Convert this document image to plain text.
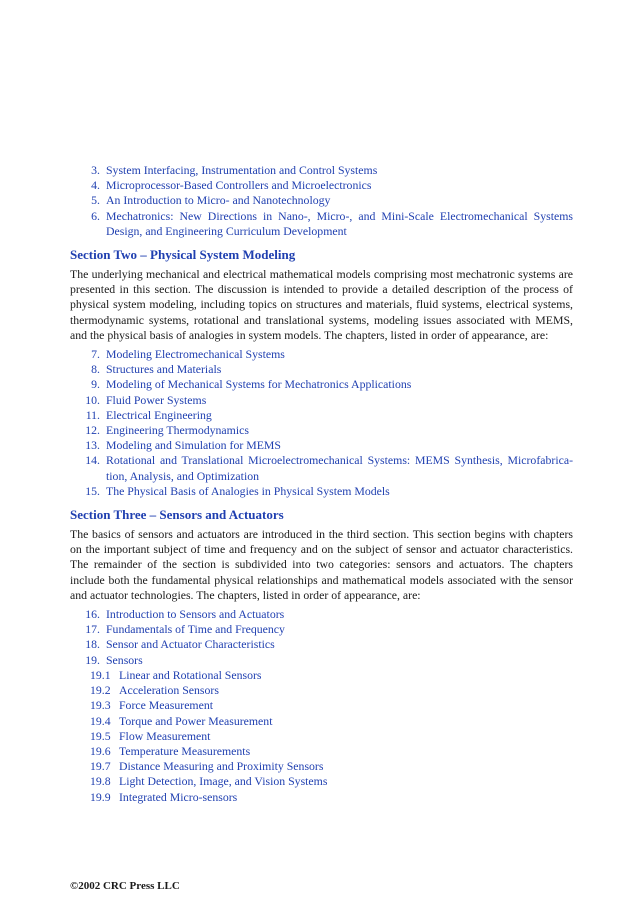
3. System Interfacing, Instrumentation and Control Systems
4. Microprocessor-Based Controllers and Microelectronics
5. An Introduction to Micro- and Nanotechnology
6. Mechatronics: New Directions in Nano-, Micro-, and Mini-Scale Electromechanical Systems Design, and Engineering Curriculum Development
Section Two – Physical System Modeling

The underlying mechanical and electrical mathematical models comprising most mechatronic systems are presented in this section. The discussion is intended to provide a detailed description of the process of physical system modeling, including topics on structures and materials, fluid systems, electrical systems, thermodynamic systems, rotational and translational systems, modeling issues associated with MEMS, and the physical basis of analogies in system models. The chapters, listed in order of appearance, are:

7. Modeling Electromechanical Systems
8. Structures and Materials
9. Modeling of Mechanical Systems for Mechatronics Applications
10. Fluid Power Systems
11. Electrical Engineering
12. Engineering Thermodynamics
13. Modeling and Simulation for MEMS
14. Rotational and Translational Microelectromechanical Systems: MEMS Synthesis, Microfabrica-tion, Analysis, and Optimization
15. The Physical Basis of Analogies in Physical System Models
Section Three – Sensors and Actuators

The basics of sensors and actuators are introduced in the third section. This section begins with chapters on the important subject of time and frequency and on the subject of sensor and actuator characteristics. The remainder of the section is subdivided into two categories: sensors and actuators. The chapters include both the fundamental physical relationships and mathematical models associated with the sensor and actuator technologies. The chapters, listed in order of appearance, are:

16. Introduction to Sensors and Actuators
17. Fundamentals of Time and Frequency
18. Sensor and Actuator Characteristics
19. Sensors
19.1 Linear and Rotational Sensors
19.2 Acceleration Sensors
19.3 Force Measurement
19.4 Torque and Power Measurement
19.5 Flow Measurement
19.6 Temperature Measurements
19.7 Distance Measuring and Proximity Sensors
19.8 Light Detection, Image, and Vision Systems
19.9 Integrated Micro-sensors
©2002 CRC Press LLC
